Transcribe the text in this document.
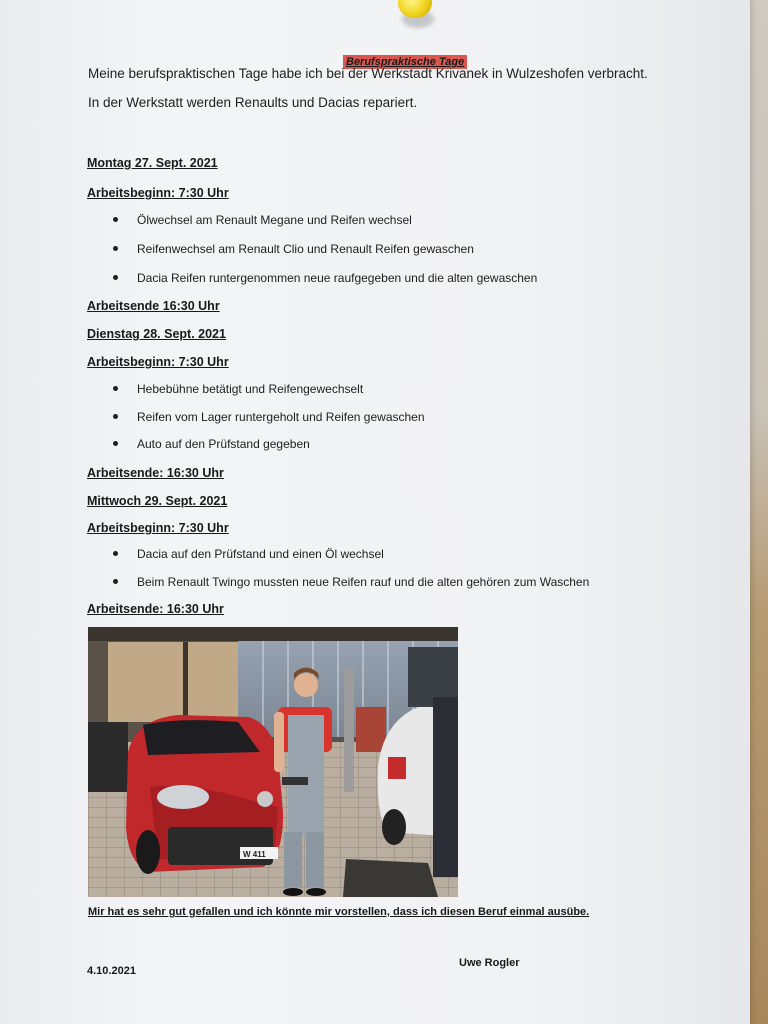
Berufspraktische Tage
Meine berufspraktischen Tage habe ich bei der Werkstadt Krivanek in Wulzeshofen verbracht.
In der Werkstatt werden Renaults und Dacias repariert.
Montag 27. Sept. 2021
Arbeitsbeginn: 7:30 Uhr
Ölwechsel am Renault Megane und Reifen wechsel
Reifenwechsel am Renault Clio und Renault Reifen gewaschen
Dacia Reifen runtergenommen neue raufgegeben und die alten gewaschen
Arbeitsende 16:30 Uhr
Dienstag 28. Sept. 2021
Arbeitsbeginn: 7:30 Uhr
Hebebühne betätigt und Reifengewechselt
Reifen vom Lager runtergeholt und Reifen gewaschen
Auto auf den Prüfstand gegeben
Arbeitsende: 16:30 Uhr
Mittwoch 29. Sept. 2021
Arbeitsbeginn: 7:30 Uhr
Dacia auf den Prüfstand und einen Öl wechsel
Beim Renault Twingo mussten neue Reifen rauf und die alten gehören zum Waschen
Arbeitsende: 16:30 Uhr
W 411
Mir hat es sehr gut gefallen und ich könnte mir vorstellen, dass ich diesen Beruf einmal ausübe.
Uwe Rogler
4.10.2021
